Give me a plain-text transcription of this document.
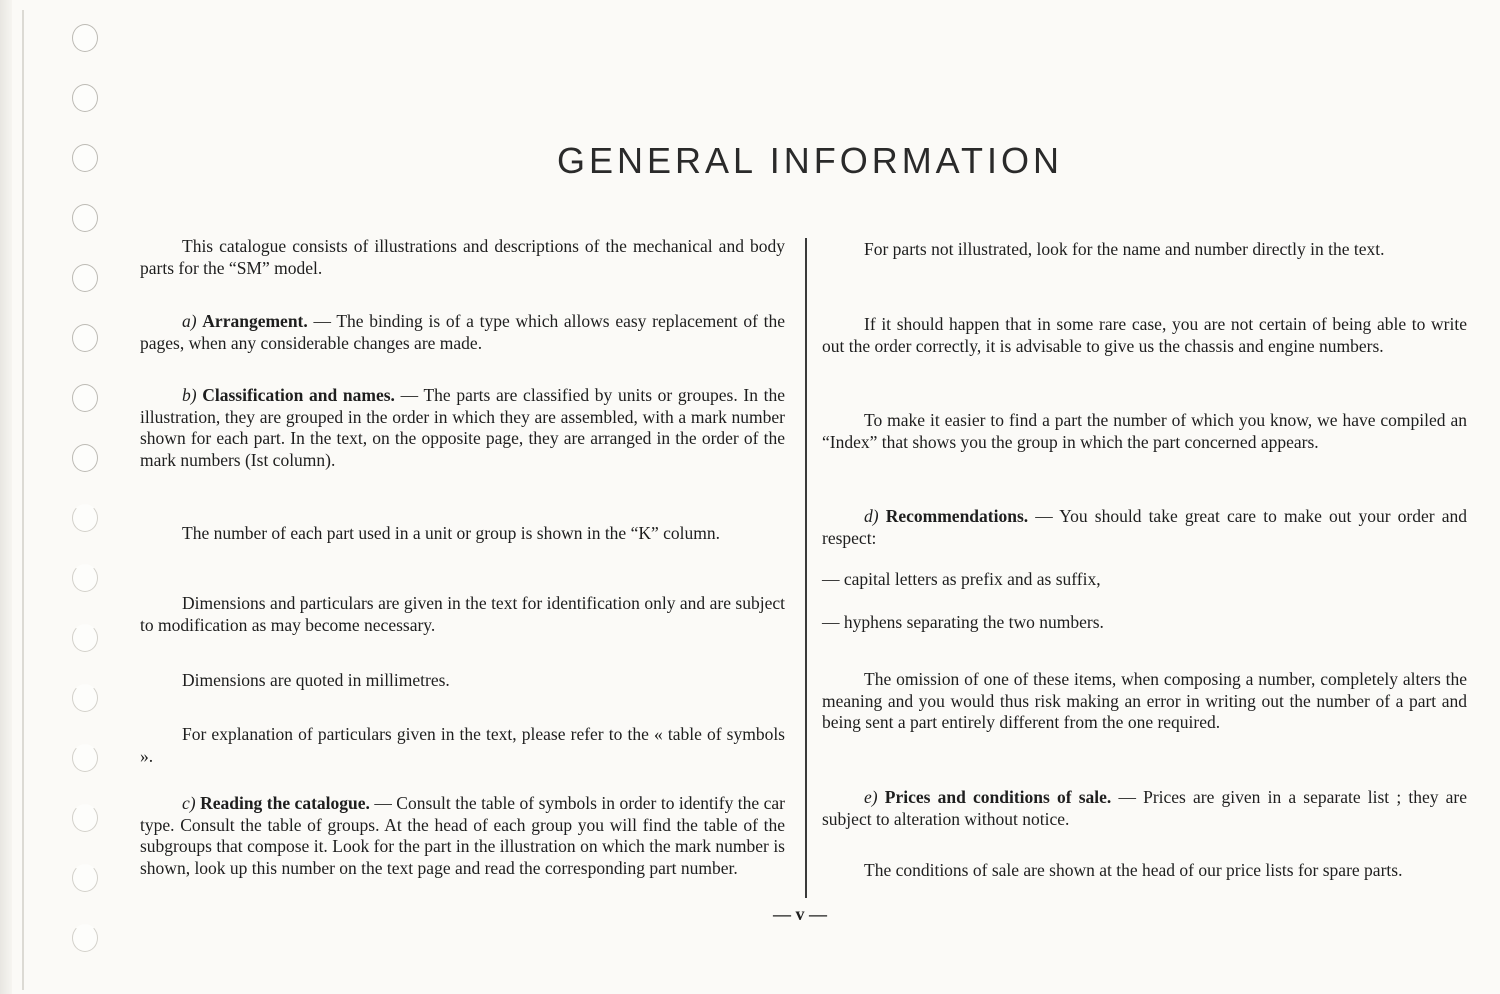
GENERAL INFORMATION

This catalogue consists of illustrations and descriptions of the mechanical and body parts for the “SM” model.

a) Arrangement. — The binding is of a type which allows easy replacement of the pages, when any considerable changes are made.

b) Classification and names. — The parts are classified by units or groupes. In the illustration, they are grouped in the order in which they are assembled, with a mark number shown for each part. In the text, on the opposite page, they are arranged in the order of the mark numbers (Ist column).

The number of each part used in a unit or group is shown in the “K” column.

Dimensions and particulars are given in the text for identification only and are subject to modification as may become necessary.

Dimensions are quoted in millimetres.

For explanation of particulars given in the text, please refer to the « table of symbols ».

c) Reading the catalogue. — Consult the table of symbols in order to identify the car type. Consult the table of groups. At the head of each group you will find the table of the subgroups that compose it. Look for the part in the illustration on which the mark number is shown, look up this number on the text page and read the corresponding part number.

For parts not illustrated, look for the name and number directly in the text.

If it should happen that in some rare case, you are not certain of being able to write out the order correctly, it is advisable to give us the chassis and engine numbers.

To make it easier to find a part the number of which you know, we have compiled an “Index” that shows you the group in which the part concerned appears.

d) Recommendations. — You should take great care to make out your order and respect:

— capital letters as prefix and as suffix,

— hyphens separating the two numbers.

The omission of one of these items, when composing a number, completely alters the meaning and you would thus risk making an error in writing out the number of a part and being sent a part entirely different from the one required.

e) Prices and conditions of sale. — Prices are given in a separate list ; they are subject to alteration without notice.

The conditions of sale are shown at the head of our price lists for spare parts.

— v —
